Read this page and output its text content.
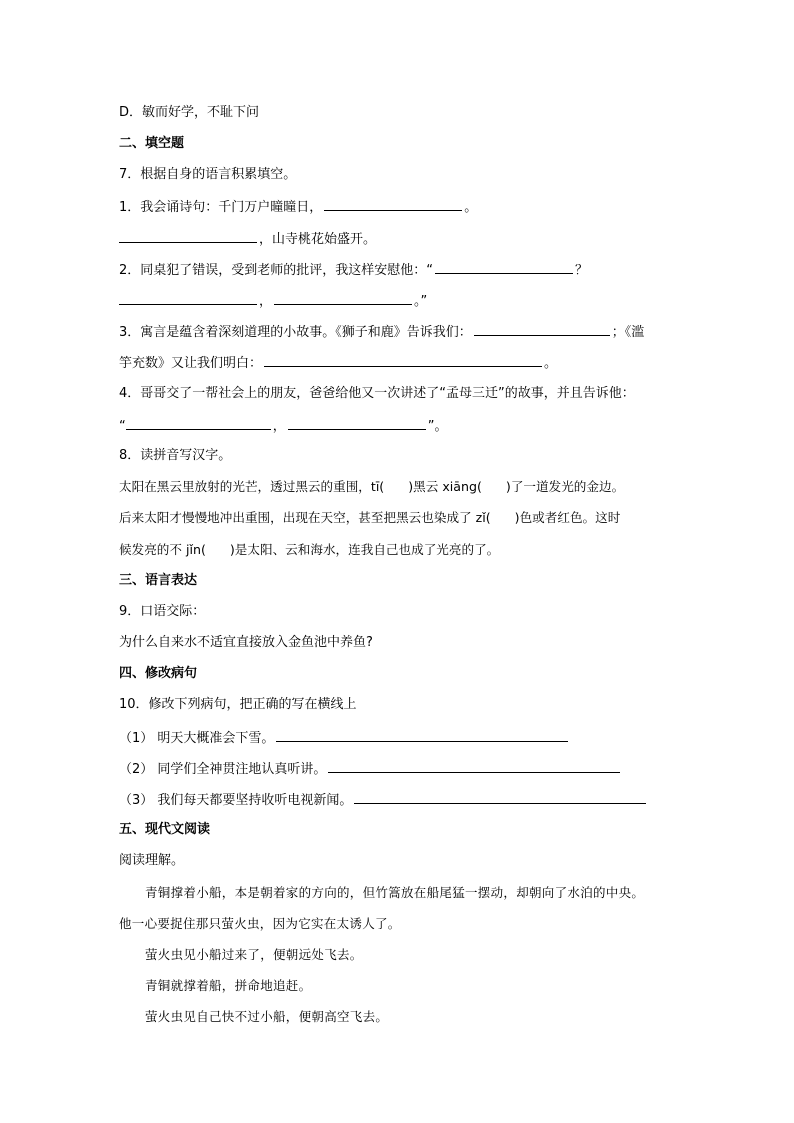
D．敏而好学，不耻下问
二、填空题
7．根据自身的语言积累填空。
1．我会诵诗句：千门万户曈曈日，	。
，山寺桃花始盛开。
2．同桌犯了错误，受到老师的批评，我这样安慰他：“	？
，	。”
3．寓言是蕴含着深刻道理的小故事。《狮子和鹿》告诉我们：	；《滥
竽充数》又让我们明白：	。
4．哥哥交了一帮社会上的朋友，爸爸给他又一次讲述了“孟母三迁”的故事，并且告诉他：
“	，	”。
8．读拼音写汉字。
太阳在黑云里放射的光芒，透过黑云的重围，tī( )黑云 xiāng( )了一道发光的金边。
后来太阳才慢慢地冲出重围，出现在天空，甚至把黑云也染成了 zǐ( )色或者红色。这时
候发亮的不 jǐn( )是太阳、云和海水，连我自己也成了光亮的了。
三、语言表达
9．口语交际：
为什么自来水不适宜直接放入金鱼池中养鱼?
四、修改病句
10．修改下列病句，把正确的写在横线上
（1） 明天大概准会下雪。
（2） 同学们全神贯注地认真听讲。
（3） 我们每天都要坚持收听电视新闻。
五、现代文阅读
阅读理解。
青铜撑着小船，本是朝着家的方向的，但竹篙放在船尾猛一摆动，却朝向了水泊的中央。
他一心要捉住那只萤火虫，因为它实在太诱人了。
萤火虫见小船过来了，便朝远处飞去。
青铜就撑着船，拼命地追赶。
萤火虫见自己快不过小船，便朝高空飞去。
